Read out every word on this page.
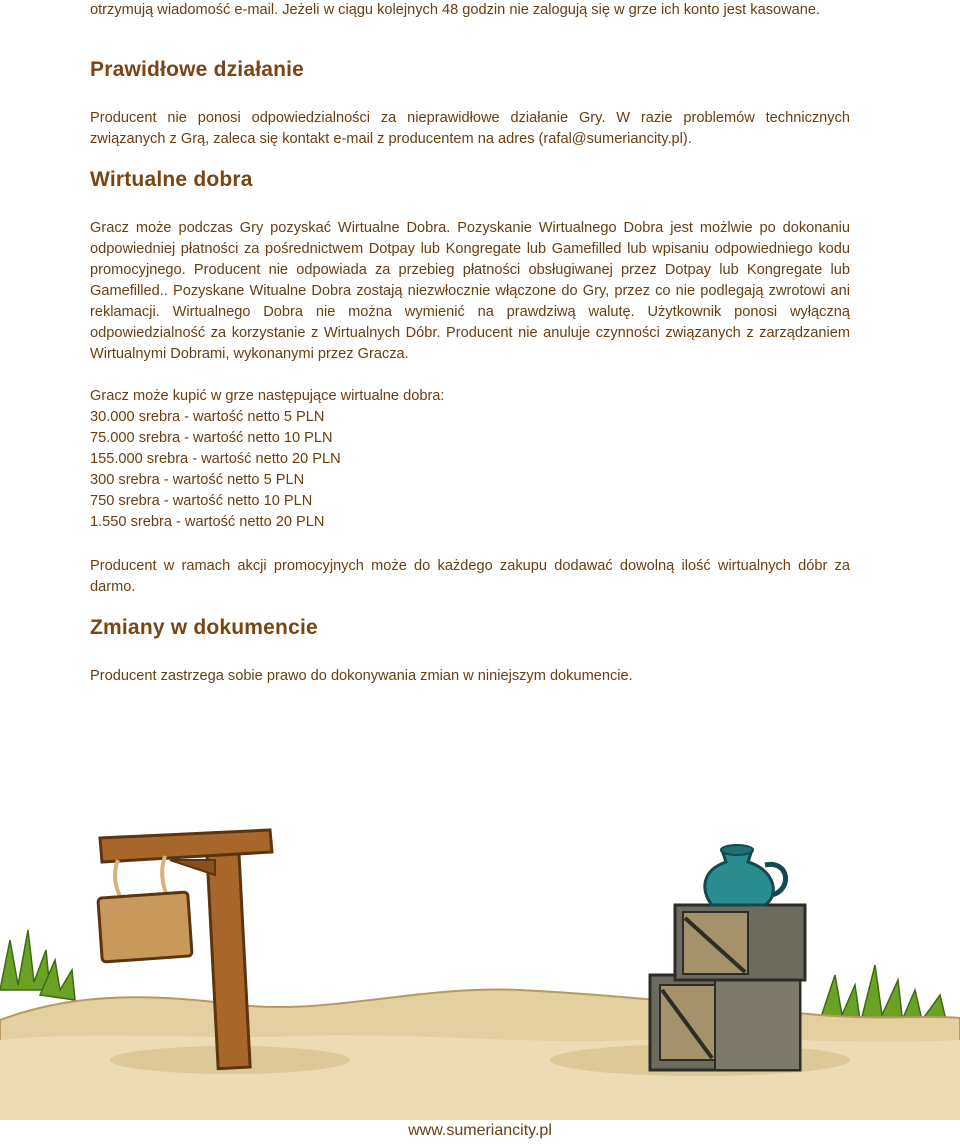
otrzymują wiadomość e-mail. Jeżeli w ciągu kolejnych 48 godzin nie zalogują się w grze ich konto jest kasowane.

Prawidłowe działanie

Producent nie ponosi odpowiedzialności za nieprawidłowe działanie Gry. W razie problemów technicznych związanych z Grą, zaleca się kontakt e-mail z producentem na adres (rafal@sumeriancity.pl).

Wirtualne dobra

Gracz może podczas Gry pozyskać Wirtualne Dobra. Pozyskanie Wirtualnego Dobra jest możlwie po dokonaniu odpowiedniej płatności za pośrednictwem Dotpay lub Kongregate lub Gamefilled lub wpisaniu odpowiedniego kodu promocyjnego. Producent nie odpowiada za przebieg płatności obsługiwanej przez Dotpay lub Kongregate lub Gamefilled.. Pozyskane Witualne Dobra zostają niezwłocznie włączone do Gry, przez co nie podlegają zwrotowi ani reklamacji. Wirtualnego Dobra nie można wymienić na prawdziwą walutę. Użytkownik ponosi wyłączną odpowiedzialność za korzystanie z Wirtualnych Dóbr. Producent nie anuluje czynności związanych z zarządzaniem Wirtualnymi Dobrami, wykonanymi przez Gracza.

Gracz może kupić w grze następujące wirtualne dobra:
30.000 srebra - wartość netto 5 PLN
75.000 srebra - wartość netto 10 PLN
155.000 srebra - wartość netto 20 PLN
300 srebra - wartość netto 5 PLN
750 srebra - wartość netto 10 PLN
1.550 srebra - wartość netto 20 PLN

Producent w ramach akcji promocyjnych może do każdego zakupu dodawać dowolną ilość wirtualnych dóbr za darmo.

Zmiany w dokumencie

Producent zastrzega sobie prawo do dokonywania zmian w niniejszym dokumencie.

www.sumeriancity.pl
